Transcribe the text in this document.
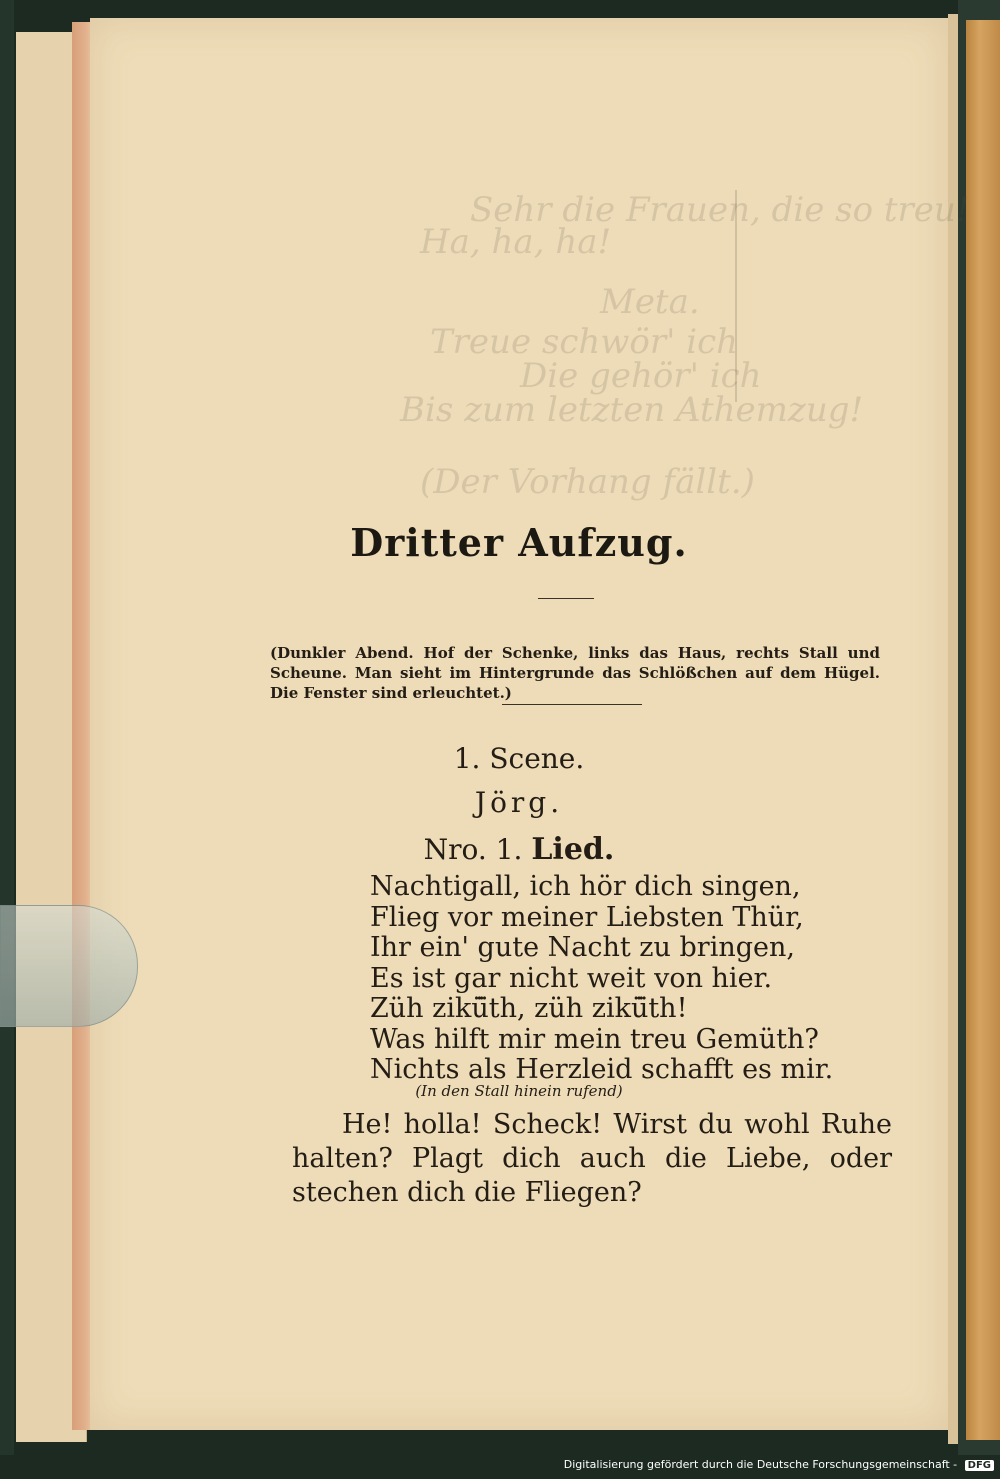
Sehr die Frauen, die so treu!
Ha, ha, ha!
Meta.
Treue schwör' ich
Die gehör' ich
Bis zum letzten Athemzug!
(Der Vorhang fällt.)
Dritter Aufzug.
(Dunkler Abend. Hof der Schenke, links das Haus, rechts Stall und Scheune. Man sieht im Hintergrunde das Schlößchen auf dem Hügel. Die Fenster sind erleuchtet.)
1. Scene.
Jörg.
Nro. 1. Lied.
Nachtigall, ich hör dich singen,
Flieg vor meiner Liebsten Thür,
Ihr ein' gute Nacht zu bringen,
Es ist gar nicht weit von hier.
Züh zikü̈th, züh zikü̈th!
Was hilft mir mein treu Gemüth?
Nichts als Herzleid schafft es mir.
(In den Stall hinein rufend)
He! holla! Scheck! Wirst du wohl Ruhe halten? Plagt dich auch die Liebe, oder stechen dich die Fliegen?
Digitalisierung gefördert durch die Deutsche Forschungsgemeinschaft - DFG
